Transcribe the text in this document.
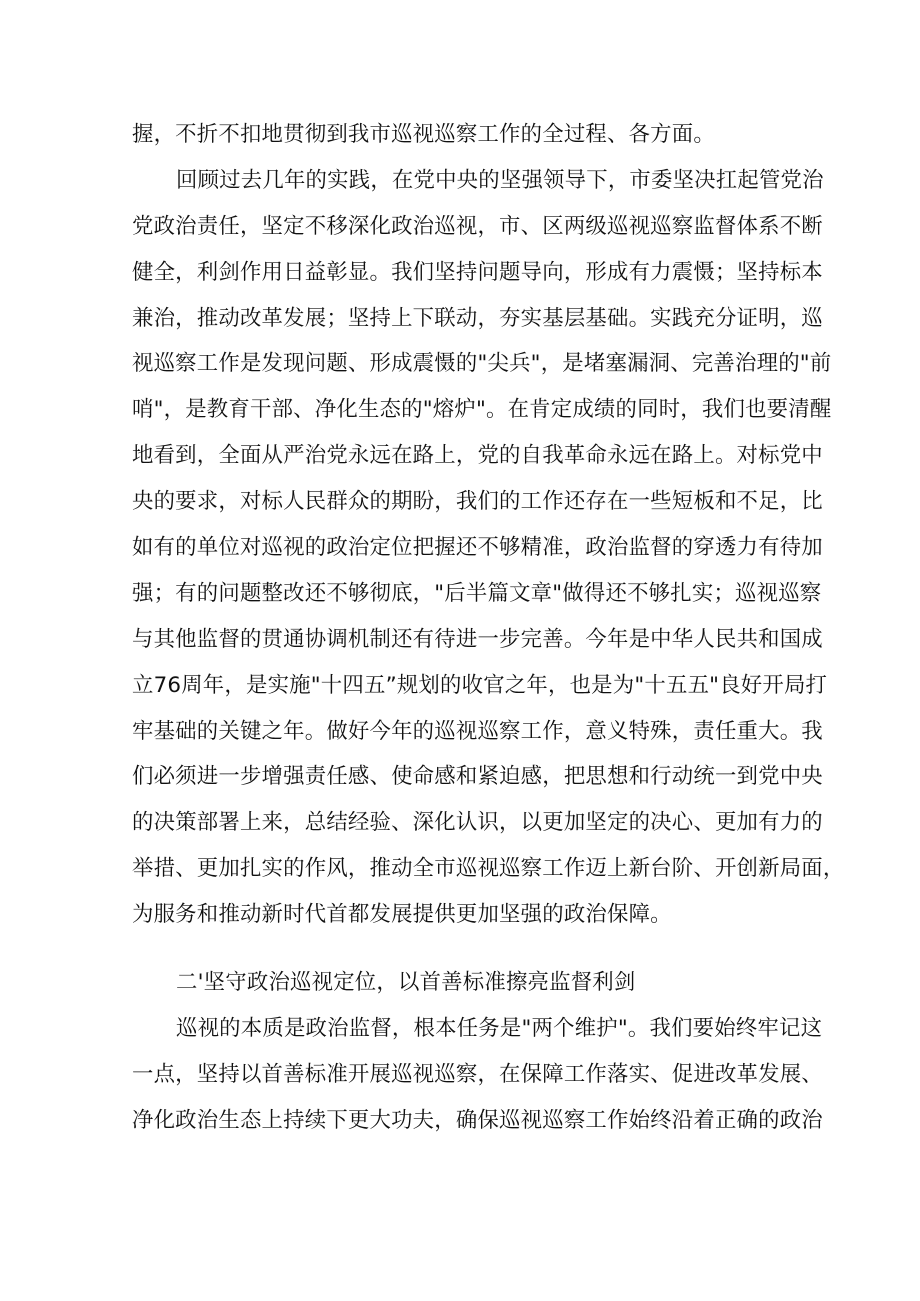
握，不折不扣地贯彻到我市巡视巡察工作的全过程、各方面。
回顾过去几年的实践，在党中央的坚强领导下，市委坚决扛起管党治
党政治责任，坚定不移深化政治巡视，市、区两级巡视巡察监督体系不断
健全，利剑作用日益彰显。我们坚持问题导向，形成有力震慑；坚持标本
兼治，推动改革发展；坚持上下联动，夯实基层基础。实践充分证明，巡
视巡察工作是发现问题、形成震慑的"尖兵"，是堵塞漏洞、完善治理的"前
哨"，是教育干部、净化生态的"熔炉"。在肯定成绩的同时，我们也要清醒
地看到，全面从严治党永远在路上，党的自我革命永远在路上。对标党中
央的要求，对标人民群众的期盼，我们的工作还存在一些短板和不足，比
如有的单位对巡视的政治定位把握还不够精准，政治监督的穿透力有待加
强；有的问题整改还不够彻底，"后半篇文章"做得还不够扎实；巡视巡察
与其他监督的贯通协调机制还有待进一步完善。今年是中华人民共和国成
立76周年，是实施"十四五”规划的收官之年，也是为"十五五"良好开局打
牢基础的关键之年。做好今年的巡视巡察工作，意义特殊，责任重大。我
们必须进一步增强责任感、使命感和紧迫感，把思想和行动统一到党中央
的决策部署上来，总结经验、深化认识，以更加坚定的决心、更加有力的
举措、更加扎实的作风，推动全市巡视巡察工作迈上新台阶、开创新局面，
为服务和推动新时代首都发展提供更加坚强的政治保障。
二'坚守政治巡视定位，以首善标准擦亮监督利剑
巡视的本质是政治监督，根本任务是"两个维护"。我们要始终牢记这
一点，坚持以首善标准开展巡视巡察，在保障工作落实、促进改革发展、
净化政治生态上持续下更大功夫，确保巡视巡察工作始终沿着正确的政治
